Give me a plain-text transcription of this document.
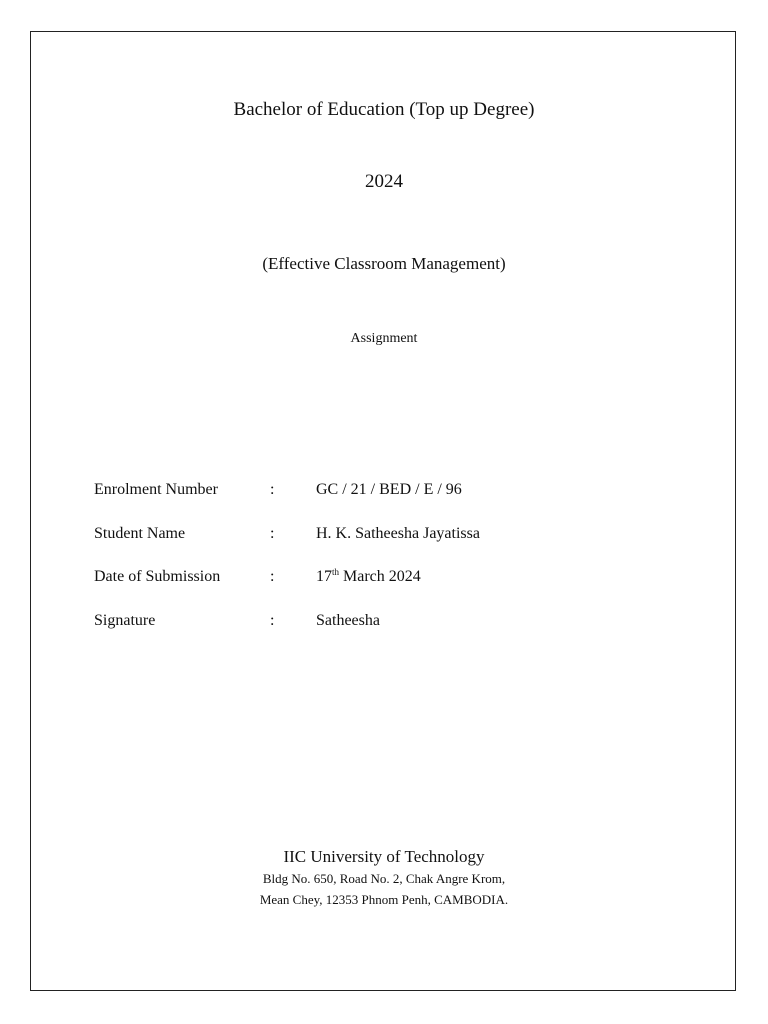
Bachelor of Education (Top up Degree)
2024
(Effective Classroom Management)
Assignment
Enrolment Number	:	GC / 21 / BED / E / 96
Student Name	:	H. K. Satheesha Jayatissa
Date of Submission	:	17th March 2024
Signature	:	Satheesha
IIC University of Technology
Bldg No. 650, Road No. 2, Chak Angre Krom,
Mean Chey, 12353 Phnom Penh, CAMBODIA.
